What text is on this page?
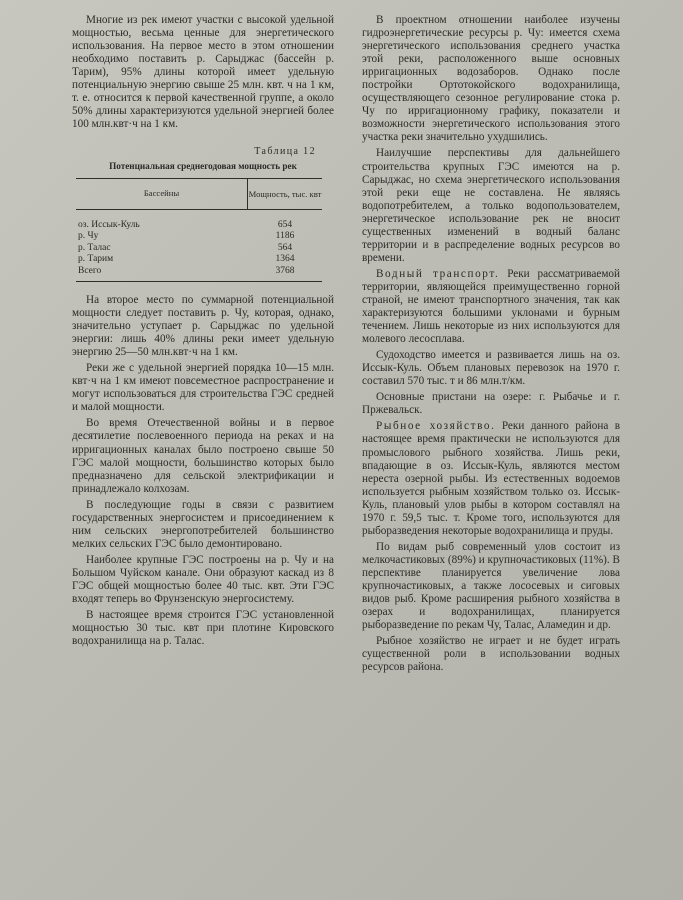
Многие из рек имеют участки с высокой удельной мощностью, весьма ценные для энергетического использования. На первое место в этом отношении необходимо поставить р. Сарыджас (бассейн р. Тарим), 95% длины которой имеет удельную потенциальную энергию свыше 25 млн. квт. ч на 1 км, т. е. относится к первой качественной группе, а около 50% длины характеризуются удельной энергией более 100 млн.квт·ч на 1 км.

Таблица 12
Потенциальная среднегодовая мощность рек
Бассейны	Мощность, тыс. квт
оз. Иссык-Куль	654
р. Чу	1186
р. Талас	564
р. Тарим	1364
Всего	3768

На второе место по суммарной потенциальной мощности следует поставить р. Чу, которая, однако, значительно уступает р. Сарыджас по удельной энергии: лишь 40% длины реки имеет удельную энергию 25—50 млн.квт·ч на 1 км.

Реки же с удельной энергией порядка 10—15 млн. квт·ч на 1 км имеют повсеместное распространение и могут использоваться для строительства ГЭС средней и малой мощности.

Во время Отечественной войны и в первое десятилетие послевоенного периода на реках и на ирригационных каналах было построено свыше 50 ГЭС малой мощности, большинство которых было предназначено для сельской электрификации и принадлежало колхозам.

В последующие годы в связи с развитием государственных энергосистем и присоединением к ним сельских энергопотребителей большинство мелких сельских ГЭС было демонтировано.

Наиболее крупные ГЭС построены на р. Чу и на Большом Чуйском канале. Они образуют каскад из 8 ГЭС общей мощностью более 40 тыс. квт. Эти ГЭС входят теперь во Фрунзенскую энергосистему.

В настоящее время строится ГЭС установленной мощностью 30 тыс. квт при плотине Кировского водохранилища на р. Талас.

В проектном отношении наиболее изучены гидроэнергетические ресурсы р. Чу: имеется схема энергетического использования среднего участка этой реки, расположенного выше основных ирригационных водозаборов. Однако после постройки Ортотокойского водохранилища, осуществляющего сезонное регулирование стока р. Чу по ирригационному графику, показатели и возможности энергетического использования этого участка реки значительно ухудшились.

Наилучшие перспективы для дальнейшего строительства крупных ГЭС имеются на р. Сарыджас, но схема энергетического использования этой реки еще не составлена. Не являясь водопотребителем, а только водопользователем, энергетическое использование рек не вносит существенных изменений в водный баланс территории и в распределение водных ресурсов во времени.

Водный транспорт. Реки рассматриваемой территории, являющейся преимущественно горной страной, не имеют транспортного значения, так как характеризуются большими уклонами и бурным течением. Лишь некоторые из них используются для молевого лесосплава.

Судоходство имеется и развивается лишь на оз. Иссык-Куль. Объем плановых перевозок на 1970 г. составил 570 тыс. т и 86 млн.т/км.

Основные пристани на озере: г. Рыбачье и г. Пржевальск.

Рыбное хозяйство. Реки данного района в настоящее время практически не используются для промыслового рыбного хозяйства. Лишь реки, впадающие в оз. Иссык-Куль, являются местом нереста озерной рыбы. Из естественных водоемов используется рыбным хозяйством только оз. Иссык-Куль, плановый улов рыбы в котором составлял на 1970 г. 59,5 тыс. т. Кроме того, используются для рыборазведения некоторые водохранилища и пруды.

По видам рыб современный улов состоит из мелкочастиковых (89%) и крупночастиковых (11%). В перспективе планируется увеличение лова крупночастиковых, а также лососевых и сиговых видов рыб. Кроме расширения рыбного хозяйства в озерах и водохранилищах, планируется рыборазведение по рекам Чу, Талас, Аламедин и др.

Рыбное хозяйство не играет и не будет играть существенной роли в использовании водных ресурсов района.
